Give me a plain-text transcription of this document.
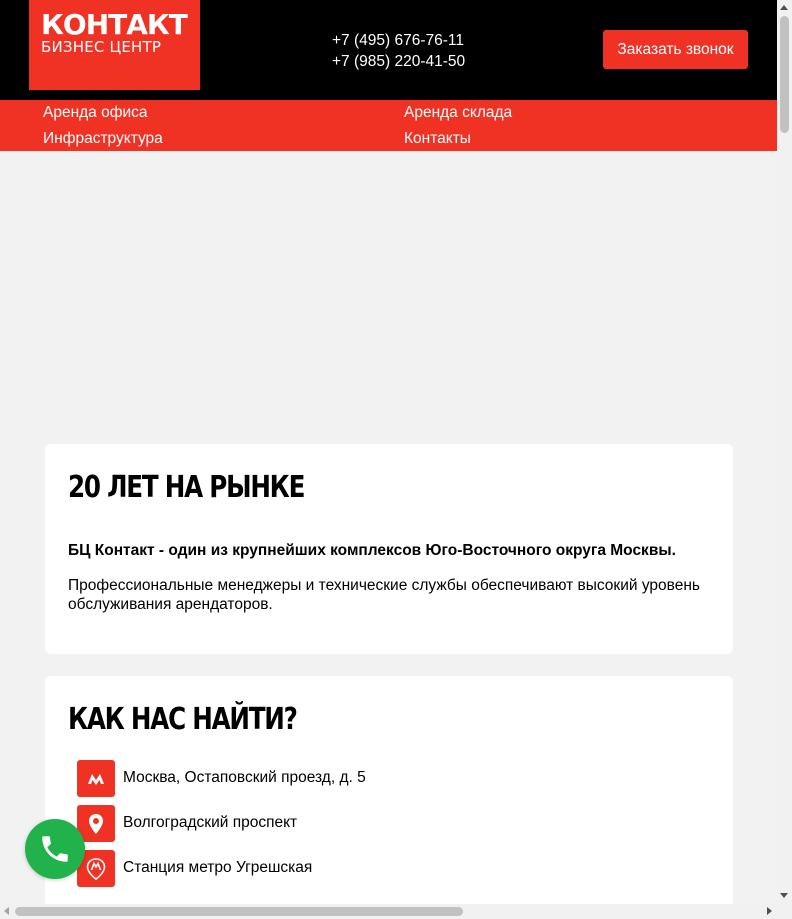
КОНТАКТ
БИЗНЕС ЦЕНТР	+7 (495) 676-76-11
+7 (985) 220-41-50
Заказать звонок
Аренда офиса	Аренда склада
Инфраструктура	Контакты
20 ЛЕТ НА РЫНКЕ

БЦ Контакт - один из крупнейших комплексов Юго-Восточного округа Москвы.

Профессиональные менеджеры и технические службы обеспечивают высокий уровень обслуживания арендаторов.

КАК НАС НАЙТИ?
Москва, Остаповский проезд, д. 5
Волгоградский проспект
Станция метро Угрешская
